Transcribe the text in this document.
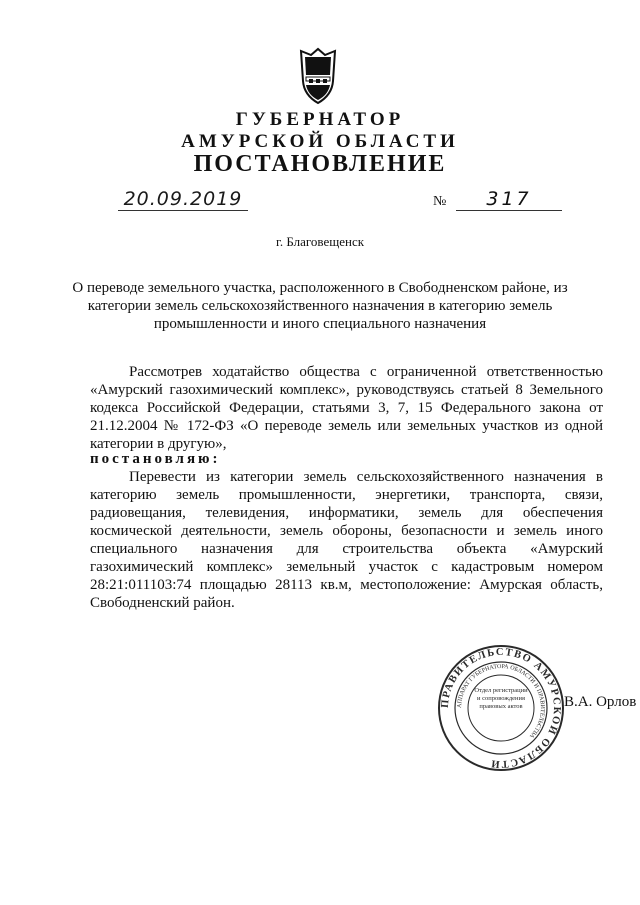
ГУБЕРНАТОР
АМУРСКОЙ ОБЛАСТИ
ПОСТАНОВЛЕНИЕ
20.09.2019	№	317
г. Благовещенск
О переводе земельного участка, расположенного в Свободненском районе, из категории земель сельскохозяйственного назначения в категорию земель промышленности и иного специального назначения
Рассмотрев ходатайство общества с ограниченной ответственностью «Амурский газохимический комплекс», руководствуясь статьей 8 Земельного кодекса Российской Федерации, статьями 3, 7, 15 Федерального закона от 21.12.2004 № 172-ФЗ «О переводе земель или земельных участков из одной категории в другую»,
постановляю:
Перевести из категории земель сельскохозяйственного назначения в категорию земель промышленности, энергетики, транспорта, связи, радиовещания, телевидения, информатики, земель для обеспечения космической деятельности, земель обороны, безопасности и земель иного специального назначения для строительства объекта «Амурский газохимический комплекс» земельный участок с кадастровым номером 28:21:011103:74 площадью 28113 кв.м, местоположение: Амурская область, Свободненский район.
ПРАВИТЕЛЬСТВО АМУРСКОЙ ОБЛАСТИ
АППАРАТ ГУБЕРНАТОРА ОБЛАСТИ И ПРАВИТЕЛЬСТВА
Отдел регистрации и сопровождения правовых актов	В.А. Орлов
